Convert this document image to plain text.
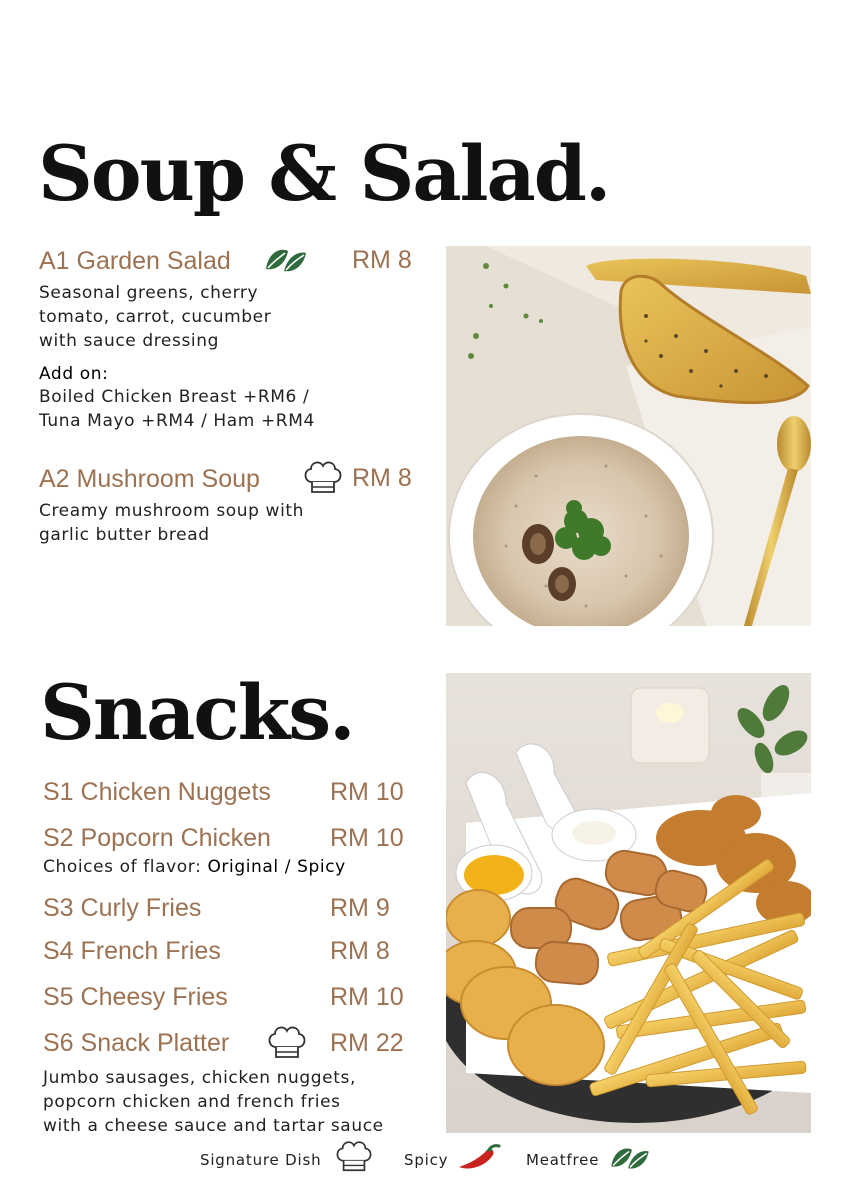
Soup & Salad.
A1 Garden Salad	RM 8
Seasonal greens, cherry
tomato, carrot, cucumber
with sauce dressing
Add on:
Boiled Chicken Breast +RM6 /
Tuna Mayo +RM4 / Ham +RM4
A2 Mushroom Soup	RM 8
Creamy mushroom soup with
garlic butter bread
Snacks.
S1 Chicken Nuggets RM 10
S2 Popcorn Chicken RM 10
Choices of flavor: Original / Spicy
S3 Curly Fries	RM 9
S4 French Fries	RM 8
S5 Cheesy Fries	RM 10
S6 Snack Platter	RM 22
Jumbo sausages, chicken nuggets,
popcorn chicken and french fries
with a cheese sauce and tartar sauce
Signature Dish	Spicy	Meatfree
